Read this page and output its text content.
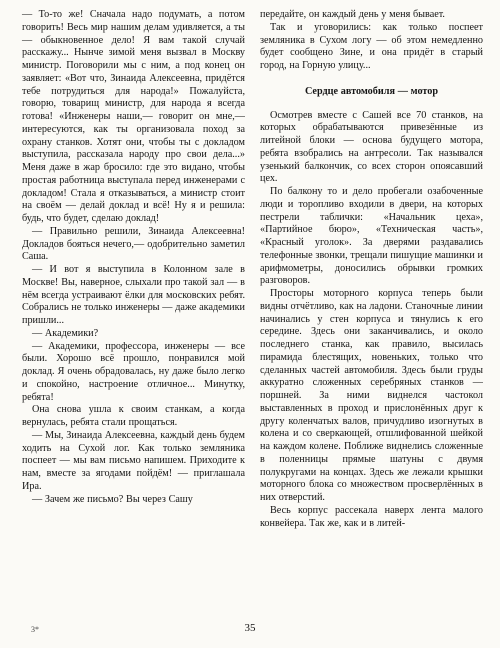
— То-то же! Сначала надо подумать, а потом говорить! Весь мир нашим делам удивляется, а ты — обыкновенное дело! Я вам такой случай расскажу... Нынче зимой меня вызвал в Москву министр. Поговорили мы с ним, а под конец он заявляет: «Вот что, Зинаида Алексеевна, придётся тебе потрудиться для народа!» Пожалуйста, говорю, товарищ министр, для народа я всегда готова! «Инженеры наши,— говорит он мне,— интересуются, как ты организовала поход за охрану станков. Хотят они, чтобы ты с докладом выступила, рассказала народу про свои дела...» Меня даже в жар бросило: где это видано, чтобы простая работница выступала перед инженерами с докладом! Стала я отказываться, а министр стоит на своём — делай доклад и всё! Ну я и решила: будь, что будет, сделаю доклад!

— Правильно решили, Зинаида Алексеевна! Докладов бояться нечего,— одобрительно заметил Саша.

— И вот я выступила в Колонном зале в Москве! Вы, наверное, слыхали про такой зал — в нём всегда устраивают ёлки для московских ребят. Собрались не только инженеры — даже академики пришли...

— Академики?

— Академики, профессора, инженеры — все были. Хорошо всё прошло, понравился мой доклад. Я очень обрадовалась, ну даже было легко и спокойно, настроение отличное... Минутку, ребята!

Она снова ушла к своим станкам, а когда вернулась, ребята стали прощаться.

— Мы, Зинаида Алексеевна, каждый день будем ходить на Сухой лог. Как только земляника поспеет — мы вам письмо напишем. Приходите к нам, вместе за ягодами пойдём! — приглашала Ира.

— Зачем же письмо? Вы через Сашу

передайте, он каждый день у меня бывает.

Так и уговорились: как только поспеет земляника в Сухом логу — об этом немедленно будет сообщено Зине, и она придёт в старый город, на Горную улицу...

Сердце автомобиля — мотор

Осмотрев вместе с Сашей все 70 станков, на которых обрабатываются привезённые из литейной блоки — основа будущего мотора, ребята взобрались на антресоли. Так назывался узенький балкончик, со всех сторон опоясавший цех.

По балкону то и дело пробегали озабоченные люди и торопливо входили в двери, на которых пестрели таблички: «Начальник цеха», «Партийное бюро», «Техническая часть», «Красный уголок». За дверями раздавались телефонные звонки, трещали пишущие машинки и арифмометры, доносились обрывки громких разговоров.

Просторы моторного корпуса теперь были видны отчётливо, как на ладони. Станочные линии начинались у стен корпуса и тянулись к его середине. Здесь они заканчивались, и около последнего станка, как правило, высилась пирамида блестящих, новеньких, только что сделанных частей автомобиля. Здесь были груды аккуратно сложенных серебряных станков — поршней. За ними виднелся частокол выставленных в проход и прислонённых друг к другу коленчатых валов, причудливо изогнутых в колена и со сверкающей, отшлифованной шейкой на каждом колене. Поближе виднелись сложенные в поленницы прямые шатуны с двумя полукругами на концах. Здесь же лежали крышки моторного блока со множеством просверлённых в них отверстий.

Весь корпус рассекала наверх лента малого конвейера. Так же, как и в литей-

3*	35
